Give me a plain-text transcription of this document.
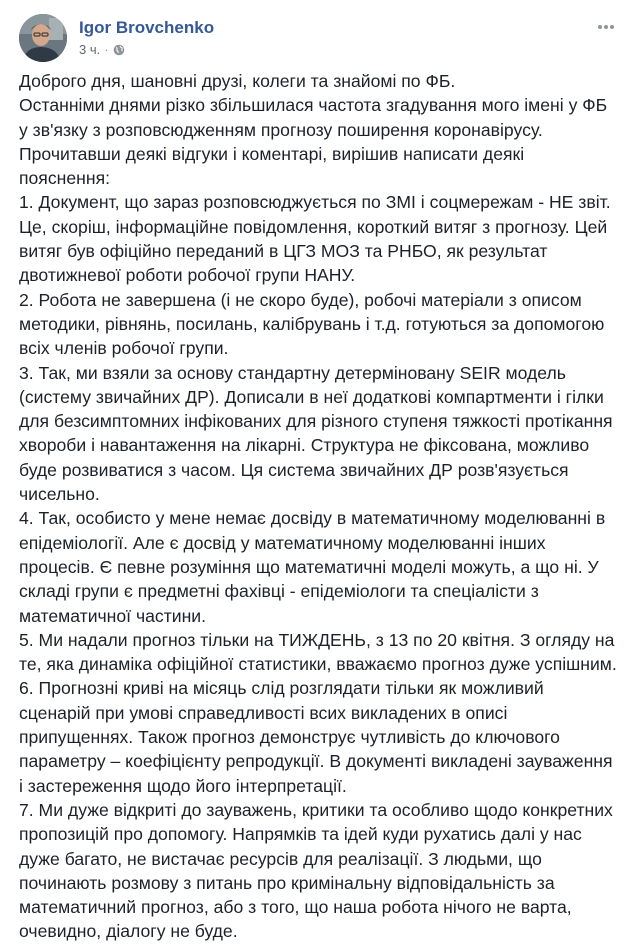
Igor Brovchenko
3 ч. ·

Доброго дня, шановні друзі, колеги та знайомі по ФБ.

Останніми днями різко збільшилася частота згадування мого імені у ФБ у зв'язку з розповсюдженням прогнозу поширення коронавірусу.

Прочитавши деякі відгуки і коментарі, вирішив написати деякі пояснення:

1. Документ, що зараз розповсюджується по ЗМІ і соцмережам - НЕ звіт. Це, скоріш, інформаційне повідомлення, короткий витяг з прогнозу. Цей витяг був офіційно переданий в ЦГЗ МОЗ та РНБО, як результат двотижневої роботи робочої групи НАНУ.

2. Робота не завершена (і не скоро буде), робочі матеріали з описом методики, рівнянь, посилань, калібрувань і т.д. готуються за допомогою всіх членів робочої групи.

3. Так, ми взяли за основу стандартну детерміновану SEIR модель (систему звичайних ДР). Дописали в неї додаткові компартменти і гілки для безсимптомних інфікованих для різного ступеня тяжкості протікання хвороби і навантаження на лікарні. Структура не фіксована, можливо буде розвиватися з часом. Ця система звичайних ДР розв'язується чисельно.

4. Так, особисто у мене немає досвіду в математичному моделюванні в епідеміології. Але є досвід у математичному моделюванні інших процесів. Є певне розуміння що математичні моделі можуть, а що ні. У складі групи є предметні фахівці - епідеміологи та спеціалісти з математичної частини.

5. Ми надали прогноз тільки на ТИЖДЕНЬ, з 13 по 20 квітня. З огляду на те, яка динаміка офіційної статистики, вважаємо прогноз дуже успішним.

6. Прогнозні криві на місяць слід розглядати тільки як можливий сценарій при умові справедливості всих викладених в описі припущеннях. Також прогноз демонструє чутливість до ключового параметру – коефіцієнту репродукції. В документі викладені зауваження і застереження щодо його інтерпретації.

7. Ми дуже відкриті до зауважень, критики та особливо щодо конкретних пропозицій про допомогу. Напрямків та ідей куди рухатись далі у нас дуже багато, не вистачає ресурсів для реалізації. З людьми, що починають розмову з питань про кримінальну відповідальність за математичний прогноз, або з того, що наша робота нічого не варта, очевидно, діалогу не буде.
